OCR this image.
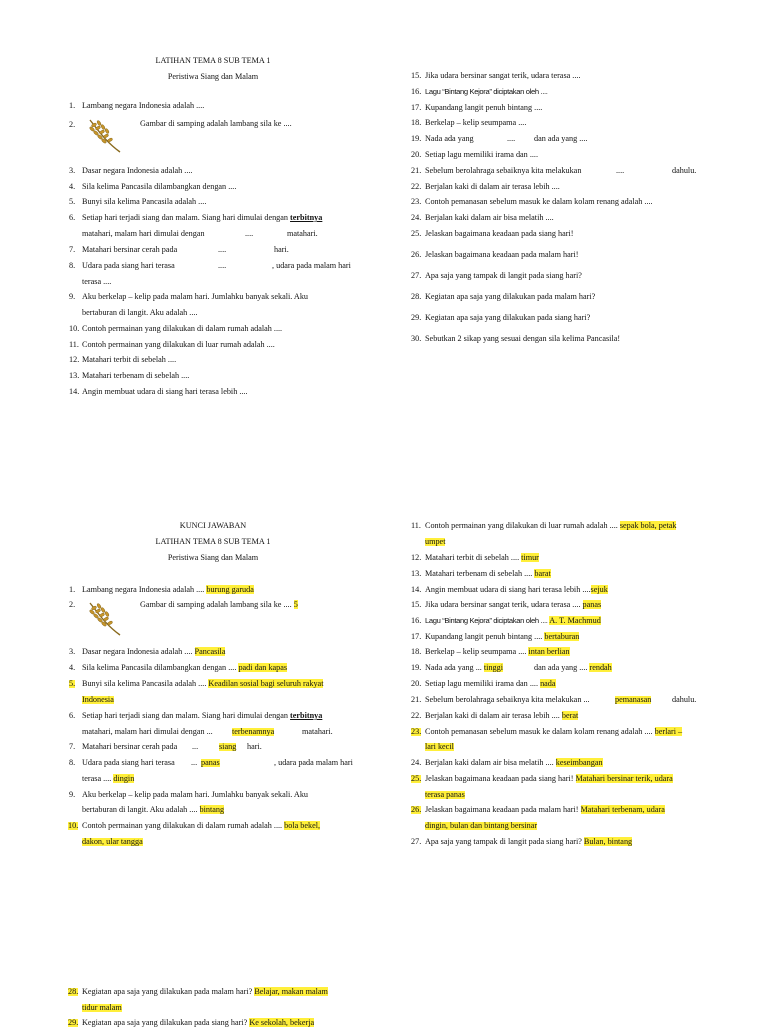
LATIHAN TEMA 8 SUB TEMA 1
Peristiwa Siang dan Malam
1. Lambang negara Indonesia adalah ....
2.	Gambar di samping adalah lambang sila ke ....
3. Dasar negara Indonesia adalah ....
4. Sila kelima Pancasila dilambangkan dengan ....
5. Bunyi sila kelima Pancasila adalah ....
6. Setiap hari terjadi siang dan malam. Siang hari dimulai dengan terbitnya
matahari, malam hari dimulai dengan	....	matahari.
7. Matahari bersinar cerah pada	....	hari.
8. Udara pada siang hari terasa	....	, udara pada malam hari
terasa ....
9. Aku berkelap – kelip pada malam hari. Jumlahku banyak sekali. Aku
bertaburan di langit. Aku adalah ....
10. Contoh permainan yang dilakukan di dalam rumah adalah ....
11. Contoh permainan yang dilakukan di luar rumah adalah ....
12. Matahari terbit di sebelah ....
13. Matahari terbenam di sebelah ....
14. Angin membuat udara di siang hari terasa lebih ....
15. Jika udara bersinar sangat terik, udara terasa ....
16. Lagu “Bintang Kejora” diciptakan oleh ....
17. Kupandang langit penuh bintang ....
18. Berkelap – kelip seumpama ....
19. Nada ada yang	.... dan ada yang ....
20. Setiap lagu memiliki irama dan ....
21. Sebelum berolahraga sebaiknya kita melakukan	....	dahulu.
22. Berjalan kaki di dalam air terasa lebih ....
23. Contoh pemanasan sebelum masuk ke dalam kolam renang adalah ....
24. Berjalan kaki dalam air bisa melatih ....
25. Jelaskan bagaimana keadaan pada siang hari!
26. Jelaskan bagaimana keadaan pada malam hari!
27. Apa saja yang tampak di langit pada siang hari?
28. Kegiatan apa saja yang dilakukan pada malam hari?
29. Kegiatan apa saja yang dilakukan pada siang hari?
30. Sebutkan 2 sikap yang sesuai dengan sila kelima Pancasila!
KUNCI JAWABAN
LATIHAN TEMA 8 SUB TEMA 1
Peristiwa Siang dan Malam
1. Lambang negara Indonesia adalah .... burung garuda
2.	Gambar di samping adalah lambang sila ke .... 5
3. Dasar negara Indonesia adalah .... Pancasila
4. Sila kelima Pancasila dilambangkan dengan .... padi dan kapas
5. Bunyi sila kelima Pancasila adalah .... Keadilan sosial bagi seluruh rakyat
Indonesia
6. Setiap hari terjadi siang dan malam. Siang hari dimulai dengan terbitnya
matahari, malam hari dimulai dengan ... terbenamnya	matahari.
7. Matahari bersinar cerah pada ...	siang hari.
8. Udara pada siang hari terasa ... panas	, udara pada malam hari
terasa .... dingin
9. Aku berkelap – kelip pada malam hari. Jumlahku banyak sekali. Aku
bertaburan di langit. Aku adalah .... bintang
10. Contoh permainan yang dilakukan di dalam rumah adalah .... bola bekel,
dakon, ular tangga
11. Contoh permainan yang dilakukan di luar rumah adalah .... sepak bola, petak
umpet
12. Matahari terbit di sebelah .... timur
13. Matahari terbenam di sebelah .... barat
14. Angin membuat udara di siang hari terasa lebih ....sejuk
15. Jika udara bersinar sangat terik, udara terasa .... panas
16. Lagu “Bintang Kejora” diciptakan oleh .... A. T. Machmud
17. Kupandang langit penuh bintang .... bertaburan
18. Berkelap – kelip seumpama .... intan berlian
19. Nada ada yang ... tinggi	dan ada yang .... rendah
20. Setiap lagu memiliki irama dan .... nada
21. Sebelum berolahraga sebaiknya kita melakukan ...	pemanasan	dahulu.
22. Berjalan kaki di dalam air terasa lebih .... berat
23. Contoh pemanasan sebelum masuk ke dalam kolam renang adalah .... berlari –
lari kecil
24. Berjalan kaki dalam air bisa melatih .... keseimbangan
25. Jelaskan bagaimana keadaan pada siang hari! Matahari bersinar terik, udara
terasa panas
26. Jelaskan bagaimana keadaan pada malam hari! Matahari terbenam, udara
dingin, bulan dan bintang bersinar
27. Apa saja yang tampak di langit pada siang hari? Bulan, bintang
28. Kegiatan apa saja yang dilakukan pada malam hari? Belajar, makan malam
tidur malam
29. Kegiatan apa saja yang dilakukan pada siang hari? Ke sekolah, bekerja
